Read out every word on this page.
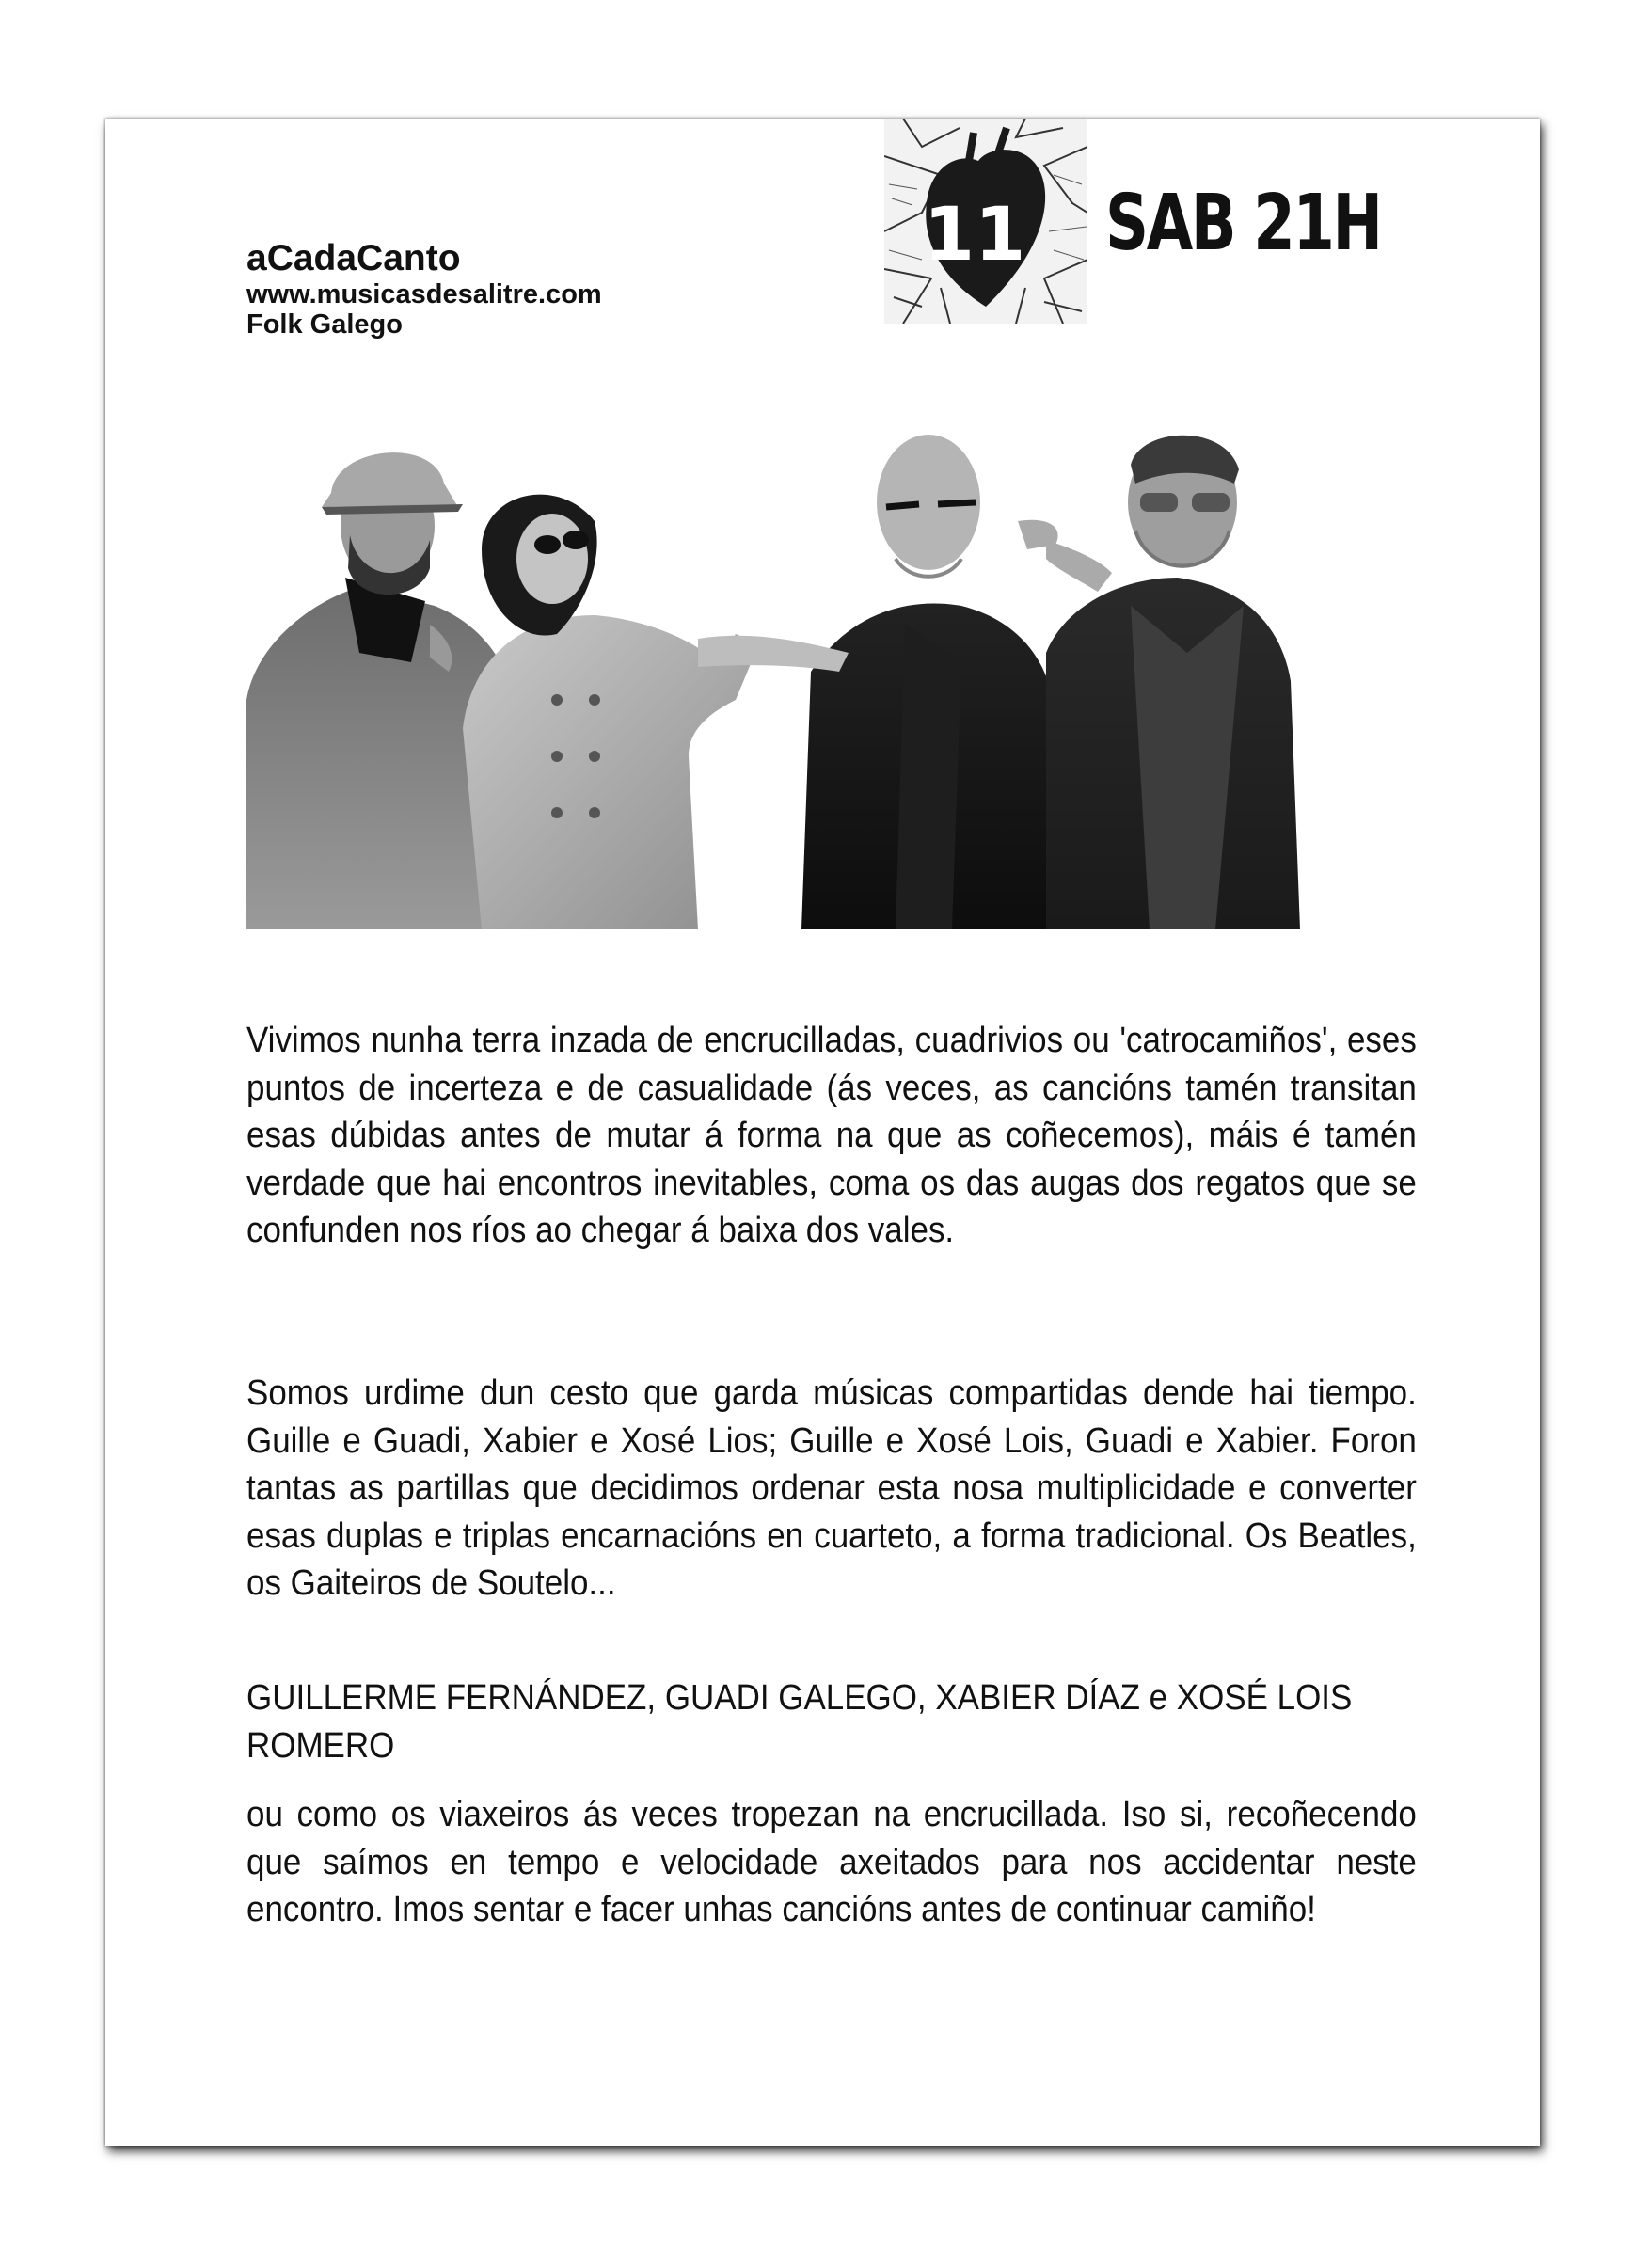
aCadaCanto
www.musicasdesalitre.com
Folk Galego
11 SAB 21H
Vivimos nunha terra inzada de encrucilladas, cuadrivios ou 'catrocamiños', eses puntos de incerteza e de casualidade (ás veces, as cancións tamén transitan esas dúbidas antes de mutar á forma na que as coñecemos), máis é tamén verdade que hai encontros inevitables, coma os das augas dos regatos que se confunden nos ríos ao chegar á baixa dos vales.
Somos urdime dun cesto que garda músicas compartidas dende hai tiempo. Guille e Guadi, Xabier e Xosé Lios; Guille e Xosé Lois, Guadi e Xabier. Foron tantas as partillas que decidimos ordenar esta nosa multiplicidade e converter esas duplas e triplas encarnacións en cuarteto, a forma tradicional. Os Beatles, os Gaiteiros de Soutelo...
GUILLERME FERNÁNDEZ, GUADI GALEGO, XABIER DÍAZ e XOSÉ LOIS ROMERO
ou como os viaxeiros ás veces tropezan na encrucillada. Iso si, recoñecendo que saímos en tempo e velocidade axeitados para nos accidentar neste encontro. Imos sentar e facer unhas cancións antes de continuar camiño!
